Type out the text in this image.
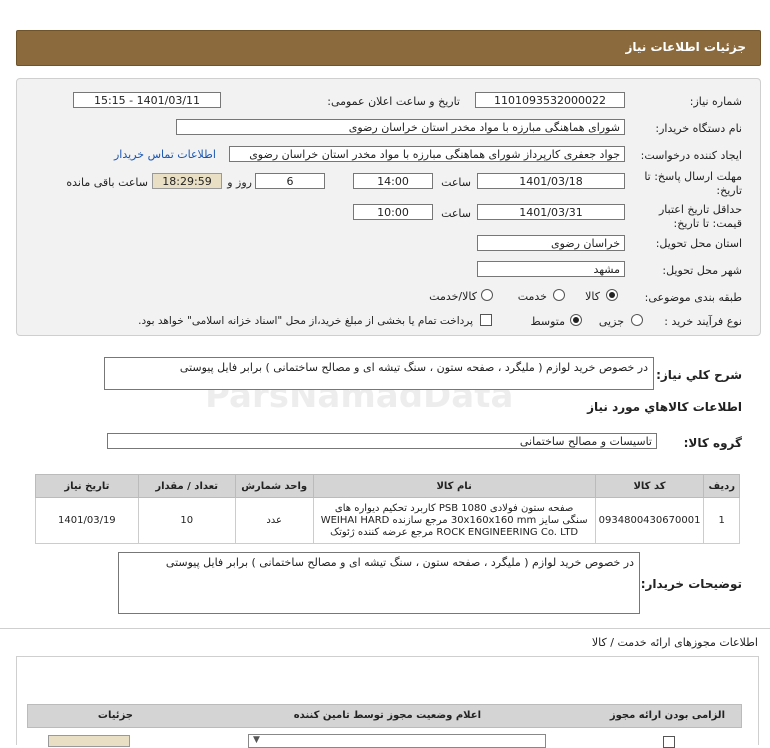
جزئیات اطلاعات نیاز
شماره نیاز:
1101093532000022
تاریخ و ساعت اعلان عمومی:
1401/03/11 - 15:15
نام دستگاه خریدار:
شورای هماهنگی مبارزه با مواد مخدر استان خراسان رضوی
ایجاد کننده درخواست:
جواد جعفری کارپرداز شورای هماهنگی مبارزه با مواد مخدر استان خراسان رضوی
اطلاعات تماس خریدار
مهلت ارسال پاسخ: تا
تاریخ:
1401/03/18
ساعت
14:00
6
روز و
18:29:59
ساعت باقی مانده
حداقل تاریخ اعتبار
قیمت: تا تاریخ:
1401/03/31
ساعت
10:00
استان محل تحویل:
خراسان رضوی
شهر محل تحویل:
مشهد
طبقه بندی موضوعی:
کالا
خدمت
کالا/خدمت
نوع فرآیند خرید :
جزیی
متوسط
پرداخت تمام یا بخشی از مبلغ خرید،از محل "اسناد خزانه اسلامی" خواهد بود.
شرح کلي نياز:
در خصوص خرید لوازم ( ملیگرد ، صفحه ستون ، سنگ تیشه ای و مصالح ساختمانی ) برابر فایل پیوستی
اطلاعات کالاهاي مورد نياز
گروه کالا:
تاسیسات و مصالح ساختمانی
ردیف	کد کالا	نام کالا	واحد شمارش	تعداد / مقدار	تاریخ نیاز
1	0934800430670001	صفحه ستون فولادی PSB 1080 کاربرد تحکیم دیواره های
سنگی سایز 30x160x160 mm مرجع سازنده WEIHAI HARD
ROCK ENGINEERING Co. LTD مرجع عرضه کننده ژئوتک	عدد	10	1401/03/19
توضیحات خریدار:
در خصوص خرید لوازم ( ملیگرد ، صفحه ستون ، سنگ تیشه ای و مصالح ساختمانی ) برابر فایل پیوستی
اطلاعات مجوزهای ارائه خدمت / کالا
الزامی بودن ارائه مجوز
اعلام وضعیت مجوز توسط تامین کننده
جزئیات
▼
